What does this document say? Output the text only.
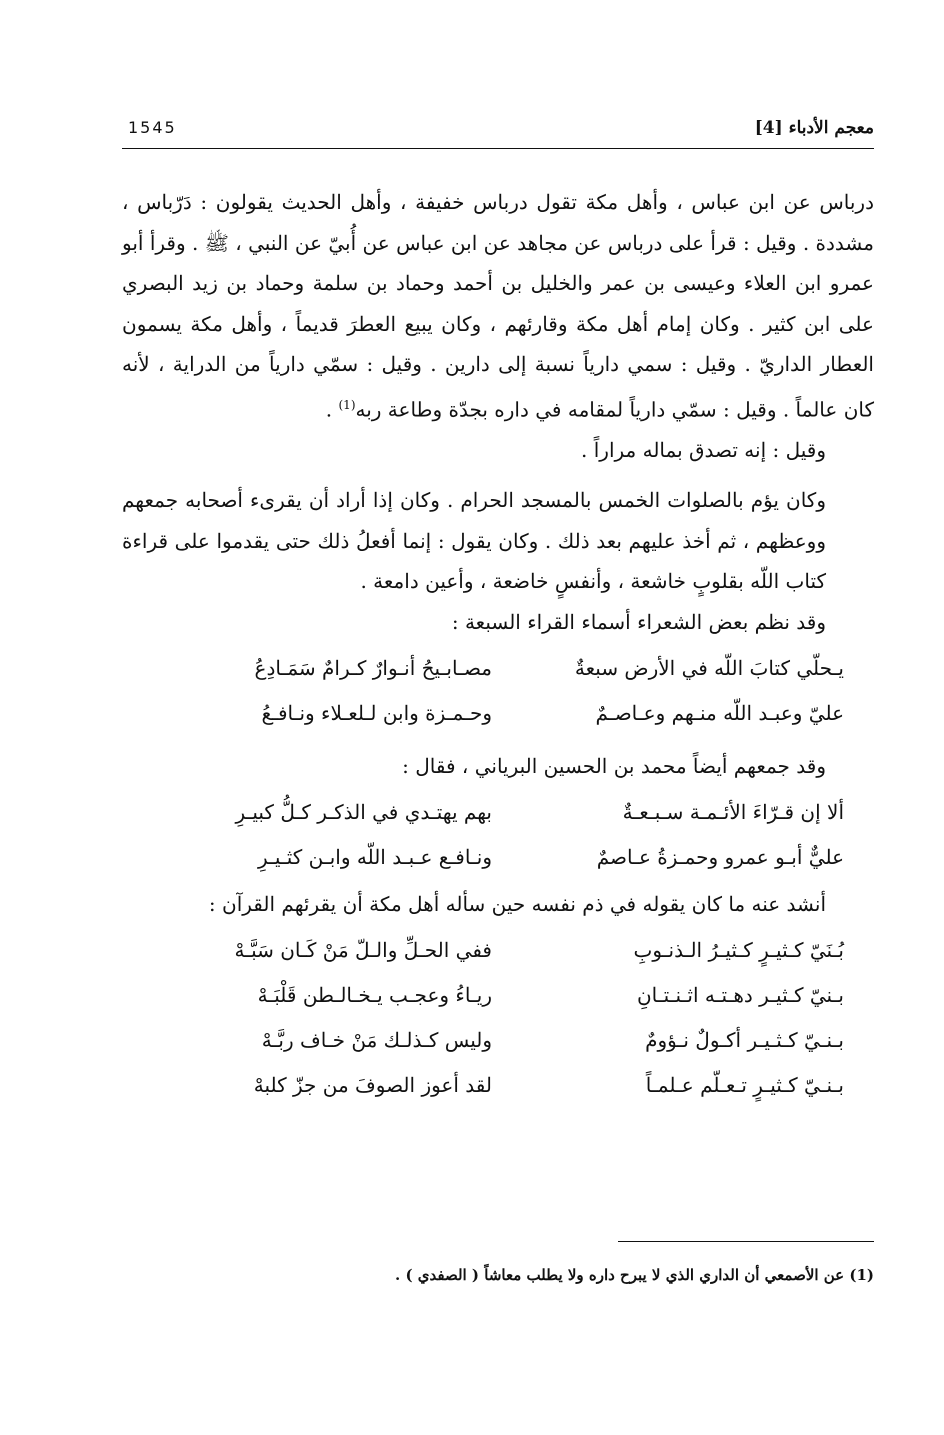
معجم الأدباء [4]
1545

درباس عن ابن عباس ، وأهل مكة تقول درباس خفيفة ، وأهل الحديث يقولون : دَرّباس ، مشددة . وقيل : قرأ على درباس عن مجاهد عن ابن عباس عن أُبيّ عن النبي ، ﷺ . وقرأ أبو عمرو ابن العلاء وعيسى بن عمر والخليل بن أحمد وحماد بن سلمة وحماد بن زيد البصري على ابن كثير . وكان إمام أهل مكة وقارئهم ، وكان يبيع العطرَ قديماً ، وأهل مكة يسمون العطار الداريّ . وقيل : سمي دارياً نسبة إلى دارين . وقيل : سمّي دارياً من الدراية ، لأنه كان عالماً . وقيل : سمّي دارياً لمقامه في داره بجدّة وطاعة ربه$^{(1)}$ .

وقيل : إنه تصدق بماله مراراً .

وكان يؤم بالصلوات الخمس بالمسجد الحرام . وكان إذا أراد أن يقرىء أصحابه جمعهم ووعظهم ، ثم أخذ عليهم بعد ذلك . وكان يقول : إنما أفعلُ ذلك حتى يقدموا على قراءة كتاب اللّه بقلوبٍ خاشعة ، وأنفسٍ خاضعة ، وأعين دامعة .

وقد نظم بعض الشعراء أسماء القراء السبعة :

يـحلّي كتابَ اللّه في الأرض سبعةٌ
مصـابـيحُ أنـوارٌ كـرامٌ سَمَـادِعُ
عليّ وعبـد اللّه منـهم وعـاصـمٌ
وحـمـزة وابن لـلعـلاء ونـافـعُ

وقد جمعهم أيضاً محمد بن الحسين البرياني ، فقال :

ألا إن قـرّاءَ الأئـمـة سـبـعـةٌ
بهم يهتـدي في الذكـر كـلُّ كبيـرِ
عليٌّ أبـو عمرو وحمـزةُ عـاصمٌ
ونـافـع عـبـد اللّه وابـن كثـيـرِ

أنشد عنه ما كان يقوله في ذم نفسه حين سأله أهل مكة أن يقرئهم القرآن :

بُـنَيّ كـثيـرٍ كـثيـرُ الـذنـوبِ
ففي الحـلِّ والـلّ مَنْ كَـان سَبَّـهْ
بـنيّ كـثيـر دهـتـه اثـنـتـانِ
ريـاءُ وعجـب يـخـالـطن قَلْبَـهْ
بـنـيّ كـثـيـر أكـولٌ نـؤومٌ
وليس كـذلـك مَنْ خـاف ربَّـهْ
بـنـيّ كـثيـرٍ تـعـلّم عـلمـاً
لقد أعوز الصوفَ من جزّ كلبهْ
(1) عن الأصمعي أن الداري الذي لا يبرح داره ولا يطلب معاشاً ( الصفدي ) .
